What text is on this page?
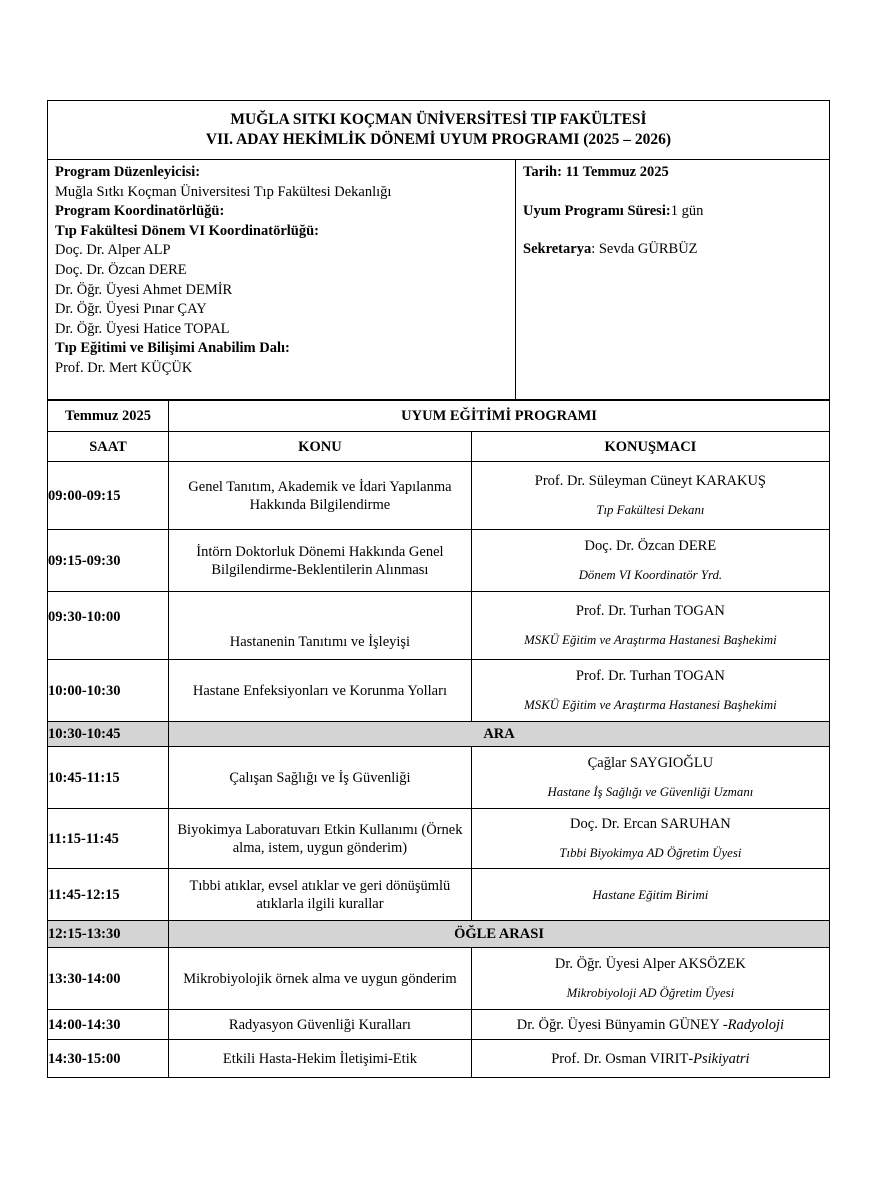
MUĞLA SITKI KOÇMAN ÜNİVERSİTESİ TIP FAKÜLTESİ
VII. ADAY HEKİMLİK DÖNEMİ UYUM PROGRAMI (2025 – 2026)
Program Düzenleyicisi:
Muğla Sıtkı Koçman Üniversitesi Tıp Fakültesi Dekanlığı
Program Koordinatörlüğü:
Tıp Fakültesi Dönem VI Koordinatörlüğü:
Doç. Dr. Alper ALP
Doç. Dr. Özcan DERE
Dr. Öğr. Üyesi Ahmet DEMİR
Dr. Öğr. Üyesi Pınar ÇAY
Dr. Öğr. Üyesi Hatice TOPAL
Tıp Eğitimi ve Bilişimi Anabilim Dalı:
Prof. Dr. Mert KÜÇÜK
Tarih: 11 Temmuz 2025
Uyum Programı Süresi:1 gün
Sekretarya: Sevda GÜRBÜZ
Temmuz 2025	UYUM EĞİTİMİ PROGRAMI	
SAAT	KONU	KONUŞMACI
09:00-09:15	Genel Tanıtım, Akademik ve İdari Yapılanma Hakkında Bilgilendirme	Prof. Dr. Süleyman Cüneyt KARAKUŞ
Tıp Fakültesi Dekanı

09:15-09:30	İntörn Doktorluk Dönemi Hakkında Genel Bilgilendirme-Beklentilerin Alınması	Doç. Dr. Özcan DERE
Dönem VI Koordinatör Yrd.

09:30-10:00	Hastanenin Tanıtımı ve İşleyişi	Prof. Dr. Turhan TOGAN
MSKÜ Eğitim ve Araştırma Hastanesi Başhekimi

10:00-10:30	Hastane Enfeksiyonları ve Korunma Yolları	Prof. Dr. Turhan TOGAN
MSKÜ Eğitim ve Araştırma Hastanesi Başhekimi

10:30-10:45	ARA	
10:45-11:15	Çalışan Sağlığı ve İş Güvenliği	Çağlar SAYGIOĞLU
Hastane İş Sağlığı ve Güvenliği Uzmanı

11:15-11:45	Biyokimya Laboratuvarı Etkin Kullanımı (Örnek alma, istem, uygun gönderim)	Doç. Dr. Ercan SARUHAN
Tıbbi Biyokimya AD Öğretim Üyesi

11:45-12:15	Tıbbi atıklar, evsel atıklar ve geri dönüşümlü atıklarla ilgili kurallar	Hastane Eğitim Birimi
12:15-13:30	ÖĞLE ARASI	
13:30-14:00	Mikrobiyolojik örnek alma ve uygun gönderim	Dr. Öğr. Üyesi Alper AKSÖZEK
Mikrobiyoloji AD Öğretim Üyesi

14:00-14:30	Radyasyon Güvenliği Kuralları	Dr. Öğr. Üyesi Bünyamin GÜNEY -Radyoloji
14:30-15:00	Etkili Hasta-Hekim İletişimi-Etik	Prof. Dr. Osman VIRIT-Psikiyatri
